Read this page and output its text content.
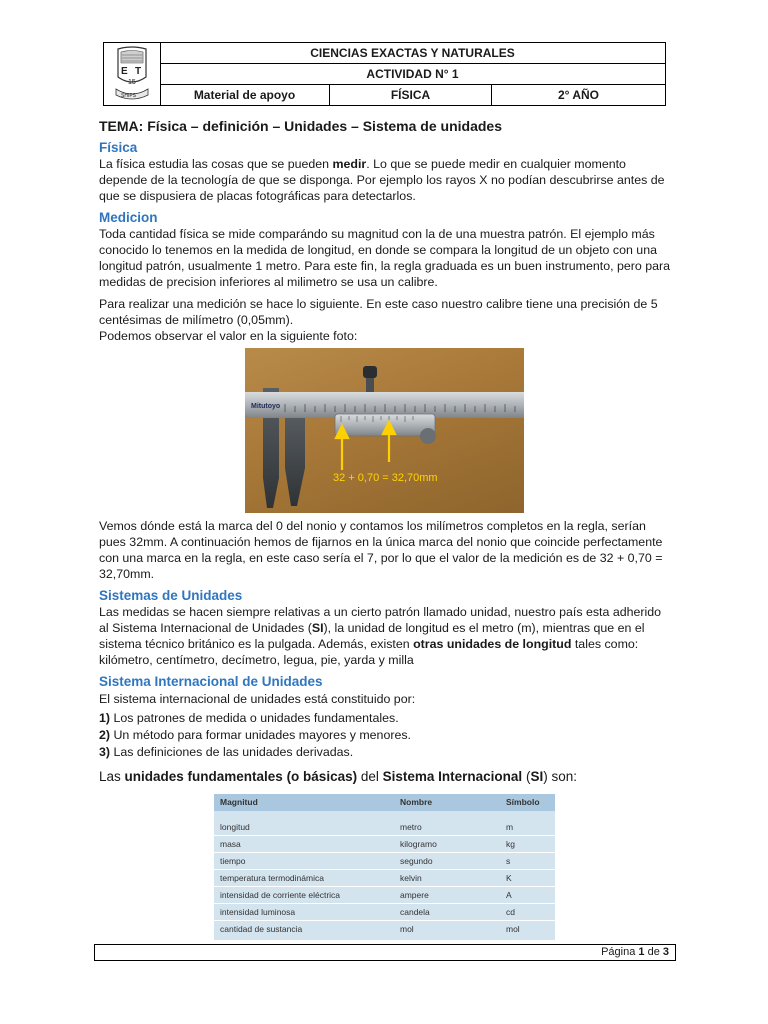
E T
15
SHIPS
CIENCIAS EXACTAS Y NATURALES
ACTIVIDAD N° 1
Material de apoyo	FÍSICA	2° AÑO
TEMA: Física – definición – Unidades – Sistema de unidades
Física
La física estudia las cosas que se pueden medir. Lo que se puede medir en cualquier momento depende de la tecnología de que se disponga. Por ejemplo los rayos X no podían descubrirse antes de que se dispusiera de placas fotográficas para detectarlos.
Medicion
Toda cantidad física se mide comparándo su magnitud con la de una muestra patrón. El ejemplo más conocido lo tenemos en la medida de longitud, en donde se compara la longitud de un objeto con una longitud patrón, usualmente 1 metro. Para este fin, la regla graduada es un buen instrumento, pero para medidas de precision inferiores al milimetro se usa un calibre.
Para realizar una medición se hace lo siguiente. En este caso nuestro calibre tiene una precisión de 5 centésimas de milímetro (0,05mm).
Podemos observar el valor en la siguiente foto:
Mitutoyo
32 + 0,70 = 32,70mm
Vemos dónde está la marca del 0 del nonio y contamos los milímetros completos en la regla, serían pues 32mm. A continuación hemos de fijarnos en la única marca del nonio que coincide perfectamente con una marca en la regla, en este caso sería el 7, por lo que el valor de la medición es de 32 + 0,70 = 32,70mm.
Sistemas de Unidades
Las medidas se hacen siempre relativas a un cierto patrón llamado unidad, nuestro país esta adherido al Sistema Internacional de Unidades (SI), la unidad de longitud es el metro (m), mientras que en el sistema técnico británico es la pulgada. Además, existen otras unidades de longitud tales como: kilómetro, centímetro, decímetro, legua, pie, yarda y milla
Sistema Internacional de Unidades
El sistema internacional de unidades está constituido por:
1) Los patrones de medida o unidades fundamentales.
2) Un método para formar unidades mayores y menores.
3) Las definiciones de las unidades derivadas.
Las unidades fundamentales (o básicas) del Sistema Internacional (SI) son:
Magnitud	Nombre	Símbolo
longitud	metro	m
masa	kilogramo	kg
tiempo	segundo	s
temperatura termodinámica	kelvin	K
intensidad de corriente eléctrica	ampere	A
intensidad luminosa	candela	cd
cantidad de sustancia	mol	mol
Página 1 de 3
